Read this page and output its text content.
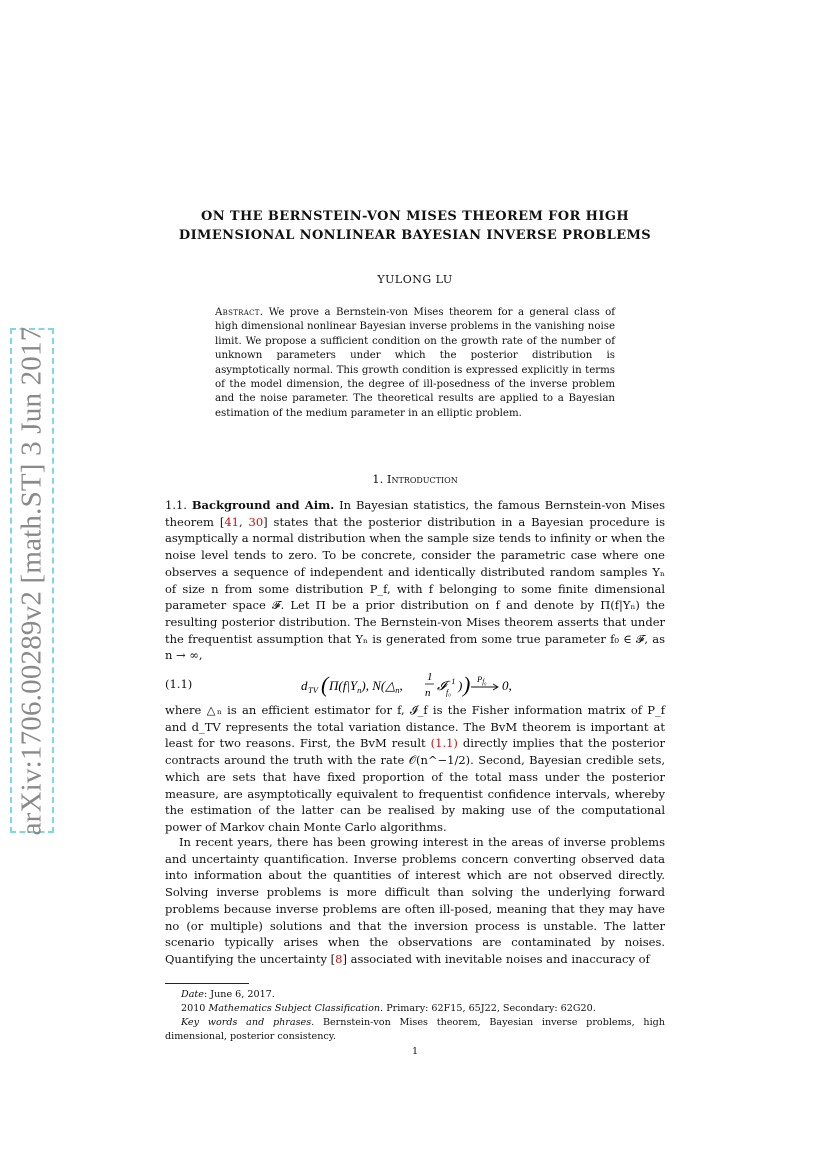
arXiv:1706.00289v2 [math.ST] 3 Jun 2017
ON THE BERNSTEIN-VON MISES THEOREM FOR HIGH
DIMENSIONAL NONLINEAR BAYESIAN INVERSE PROBLEMS
YULONG LU
Abstract. We prove a Bernstein-von Mises theorem for a general class of high dimensional nonlinear Bayesian inverse problems in the vanishing noise limit. We propose a sufficient condition on the growth rate of the number of unknown parameters under which the posterior distribution is asymptotically normal. This growth condition is expressed explicitly in terms of the model dimension, the degree of ill-posedness of the inverse problem and the noise parameter. The theoretical results are applied to a Bayesian estimation of the medium parameter in an elliptic problem.
1. Introduction
1.1. Background and Aim. In Bayesian statistics, the famous Bernstein-von Mises theorem [41, 30] states that the posterior distribution in a Bayesian procedure is asymptically a normal distribution when the sample size tends to infinity or when the noise level tends to zero. To be concrete, consider the parametric case where one observes a sequence of independent and identically distributed random samples Yₙ of size n from some distribution P_f, with f belonging to some finite dimensional parameter space 𝓕. Let Π be a prior distribution on f and denote by Π(f|Yₙ) the resulting posterior distribution. The Bernstein-von Mises theorem asserts that under the frequentist assumption that Yₙ is generated from some true parameter f₀ ∈ 𝓕, as n → ∞,
(1.1)	d TV ( $\Pi(f|Y_n)$, $N(\triangle_n$,
1
n 𝓘 −1
f₀ ) ) $P_{f_0}$ 0,
where △ₙ is an efficient estimator for f, 𝓘_f is the Fisher information matrix of P_f and d_TV represents the total variation distance. The BvM theorem is important at least for two reasons. First, the BvM result (1.1) directly implies that the posterior contracts around the truth with the rate 𝒪(n^−1/2). Second, Bayesian credible sets, which are sets that have fixed proportion of the total mass under the posterior measure, are asymptotically equivalent to frequentist confidence intervals, whereby the estimation of the latter can be realised by making use of the computational power of Markov chain Monte Carlo algorithms.
In recent years, there has been growing interest in the areas of inverse problems and uncertainty quantification. Inverse problems concern converting observed data into information about the quantities of interest which are not observed directly. Solving inverse problems is more difficult than solving the underlying forward problems because inverse problems are often ill-posed, meaning that they may have no (or multiple) solutions and that the inversion process is unstable. The latter scenario typically arises when the observations are contaminated by noises. Quantifying the uncertainty [8] associated with inevitable noises and inaccuracy of
Date: June 6, 2017.
2010 Mathematics Subject Classification. Primary: 62F15, 65J22, Secondary: 62G20.
Key words and phrases. Bernstein-von Mises theorem, Bayesian inverse problems, high dimensional, posterior consistency.
1
